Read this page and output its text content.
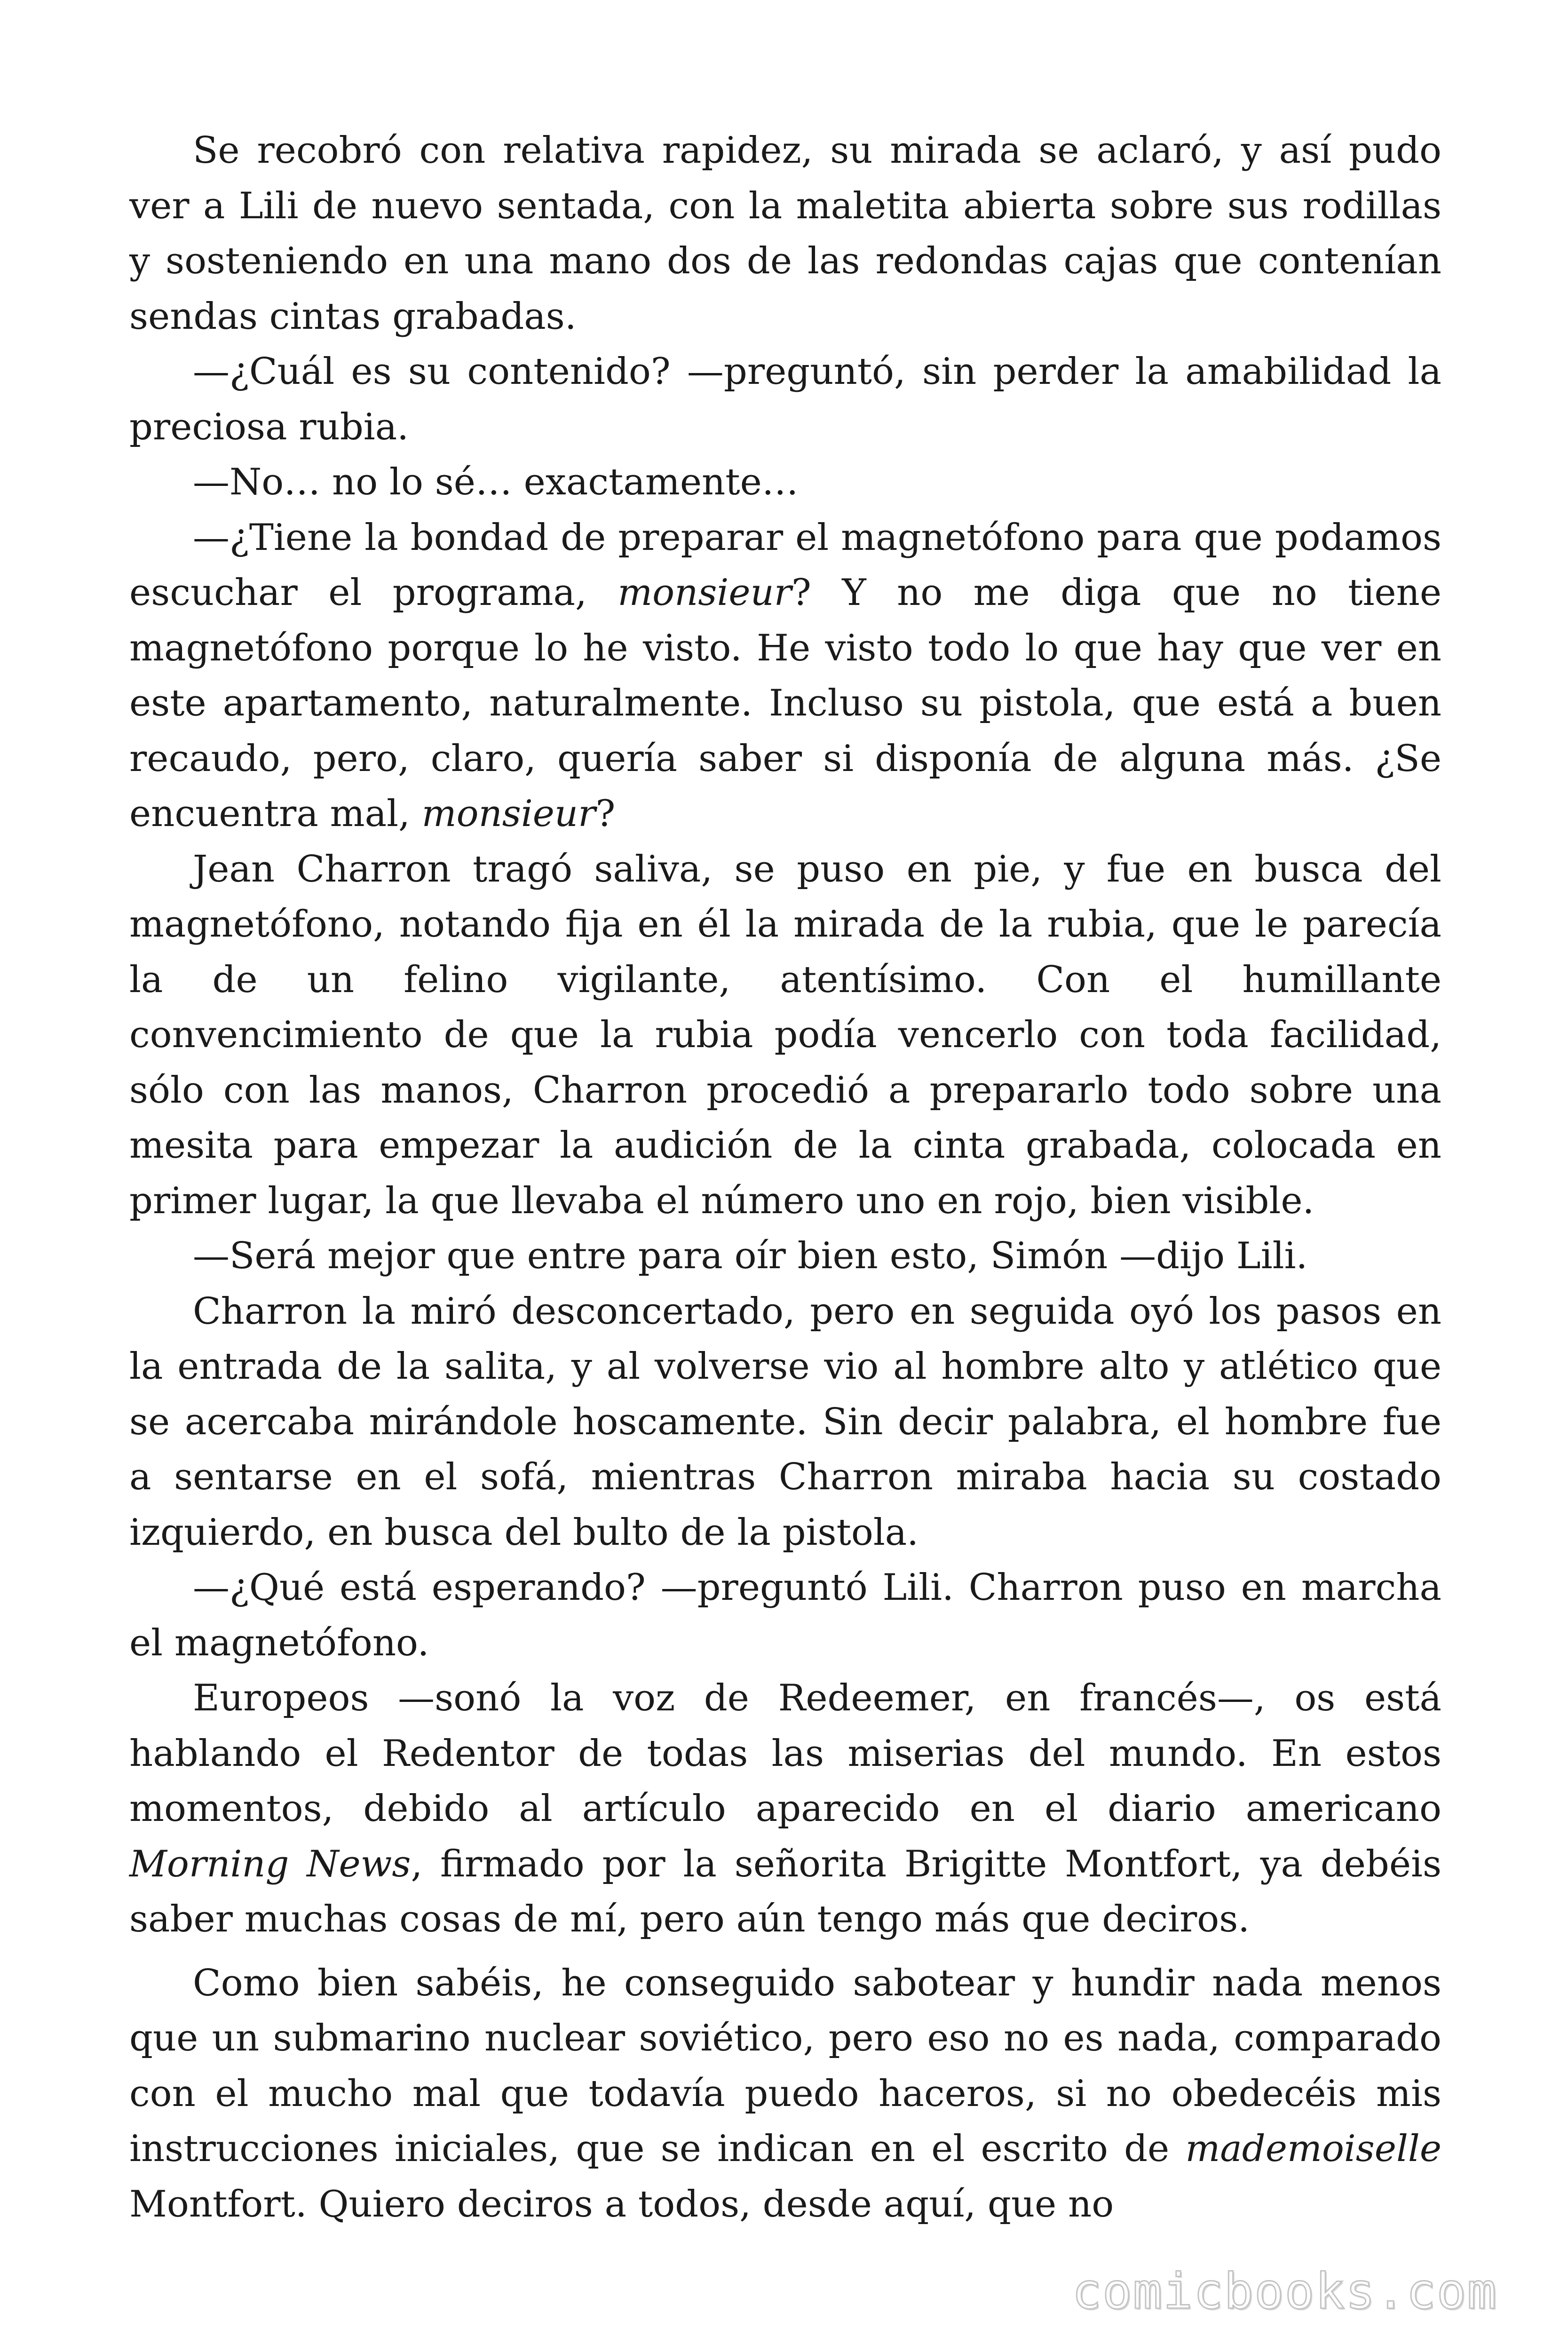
Se recobró con relativa rapidez, su mirada se aclaró, y así pudo ver a Lili de nuevo sentada, con la maletita abierta sobre sus rodillas y sosteniendo en una mano dos de las redondas cajas que contenían sendas cintas grabadas.

—¿Cuál es su contenido? —preguntó, sin perder la amabilidad la preciosa rubia.

—No… no lo sé… exactamente…

—¿Tiene la bondad de preparar el magnetófono para que podamos escuchar el programa, monsieur? Y no me diga que no tiene magnetófono porque lo he visto. He visto todo lo que hay que ver en este apartamento, naturalmente. Incluso su pistola, que está a buen recaudo, pero, claro, quería saber si disponía de alguna más. ¿Se encuentra mal, monsieur?

Jean Charron tragó saliva, se puso en pie, y fue en busca del magnetófono, notando fija en él la mirada de la rubia, que le parecía la de un felino vigilante, atentísimo. Con el humillante convencimiento de que la rubia podía vencerlo con toda facilidad, sólo con las manos, Charron procedió a prepararlo todo sobre una mesita para empezar la audición de la cinta grabada, colocada en primer lugar, la que llevaba el número uno en rojo, bien visible.

—Será mejor que entre para oír bien esto, Simón —dijo Lili.

Charron la miró desconcertado, pero en seguida oyó los pasos en la entrada de la salita, y al volverse vio al hombre alto y atlético que se acercaba mirándole hoscamente. Sin decir palabra, el hombre fue a sentarse en el sofá, mientras Charron miraba hacia su costado izquierdo, en busca del bulto de la pistola.

—¿Qué está esperando? —preguntó Lili. Charron puso en marcha el magnetófono.

Europeos —sonó la voz de Redeemer, en francés—, os está hablando el Redentor de todas las miserias del mundo. En estos momentos, debido al artículo aparecido en el diario americano Morning News, firmado por la señorita Brigitte Montfort, ya debéis saber muchas cosas de mí, pero aún tengo más que deciros.

Como bien sabéis, he conseguido sabotear y hundir nada menos que un submarino nuclear soviético, pero eso no es nada, comparado con el mucho mal que todavía puedo haceros, si no obedecéis mis instrucciones iniciales, que se indican en el escrito de mademoiselle Montfort. Quiero deciros a todos, desde aquí, que no

comicbooks.com
